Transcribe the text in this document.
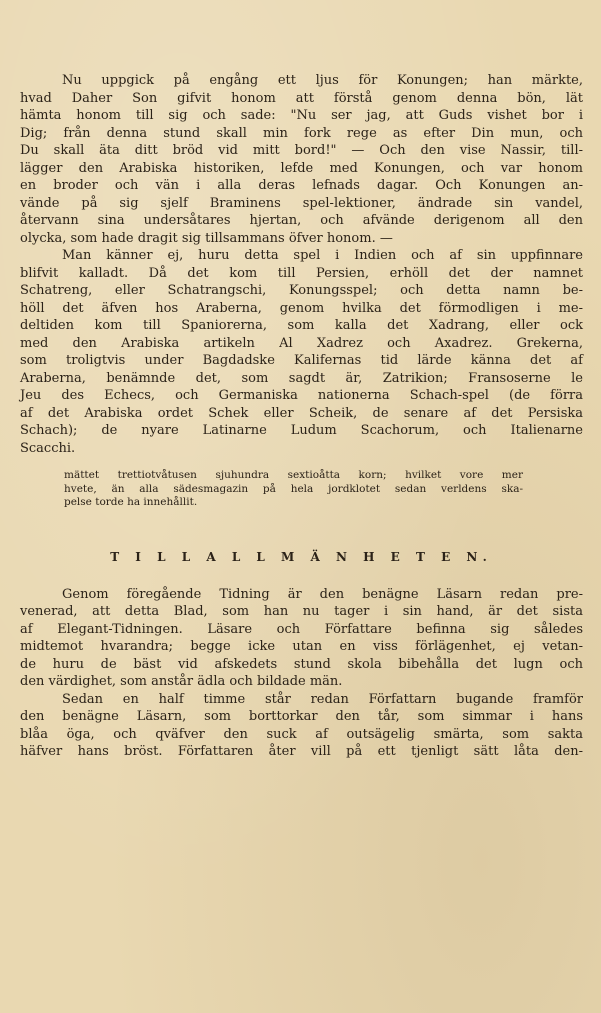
Nu uppgick på engång ett ljus för Konungen; han märkte,
hvad Daher Son gifvit honom att förstå genom denna bön, lät
hämta honom till sig och sade: "Nu ser jag, att Guds vishet bor i
Dig; från denna stund skall min fork rege as efter Din mun, och
Du skall äta ditt bröd vid mitt bord!" — Och den vise Nassir, till-
lägger den Arabiska historiken, lefde med Konungen, och var honom
en broder och vän i alla deras lefnads dagar. Och Konungen an-
vände på sig sjelf Braminens spel-lektioner, ändrade sin vandel,
återvann sina undersåtares hjertan, och afvände derigenom all den
olycka, som hade dragit sig tillsammans öfver honom. —
Man känner ej, huru detta spel i Indien och af sin uppfinnare
blifvit kalladt. Då det kom till Persien, erhöll det der namnet
Schatreng, eller Schatrangschi, Konungsspel; och detta namn be-
höll det äfven hos Araberna, genom hvilka det förmodligen i me-
deltiden kom till Spaniorerna, som kalla det Xadrang, eller ock
med den Arabiska artikeln Al Xadrez och Axadrez. Grekerna,
som troligtvis under Bagdadske Kalifernas tid lärde känna det af
Araberna, benämnde det, som sagdt är, Zatrikion; Fransoserne le
Jeu des Echecs, och Germaniska nationerna Schach-spel (de förra
af det Arabiska ordet Schek eller Scheik, de senare af det Persiska
Schach); de nyare Latinarne Ludum Scachorum, och Italienarne
Scacchi.
mättet trettiotvåtusen sjuhundra sextioåtta korn; hvilket vore mer
hvete, än alla sädesmagazin på hela jordklotet sedan verldens ska-
pelse torde ha innehållit.
T I L L A L L M Ä N H E T E N.
Genom föregående Tidning är den benägne Läsarn redan pre-
venerad, att detta Blad, som han nu tager i sin hand, är det sista
af Elegant-Tidningen. Läsare och Författare befinna sig således
midtemot hvarandra; begge icke utan en viss förlägenhet, ej vetan-
de huru de bäst vid afskedets stund skola bibehålla det lugn och
den värdighet, som anstår ädla och bildade män.
Sedan en half timme står redan Författarn bugande framför
den benägne Läsarn, som borttorkar den tår, som simmar i hans
blåa öga, och qväfver den suck af outsägelig smärta, som sakta
häfver hans bröst. Författaren åter vill på ett tjenligt sätt låta den-
